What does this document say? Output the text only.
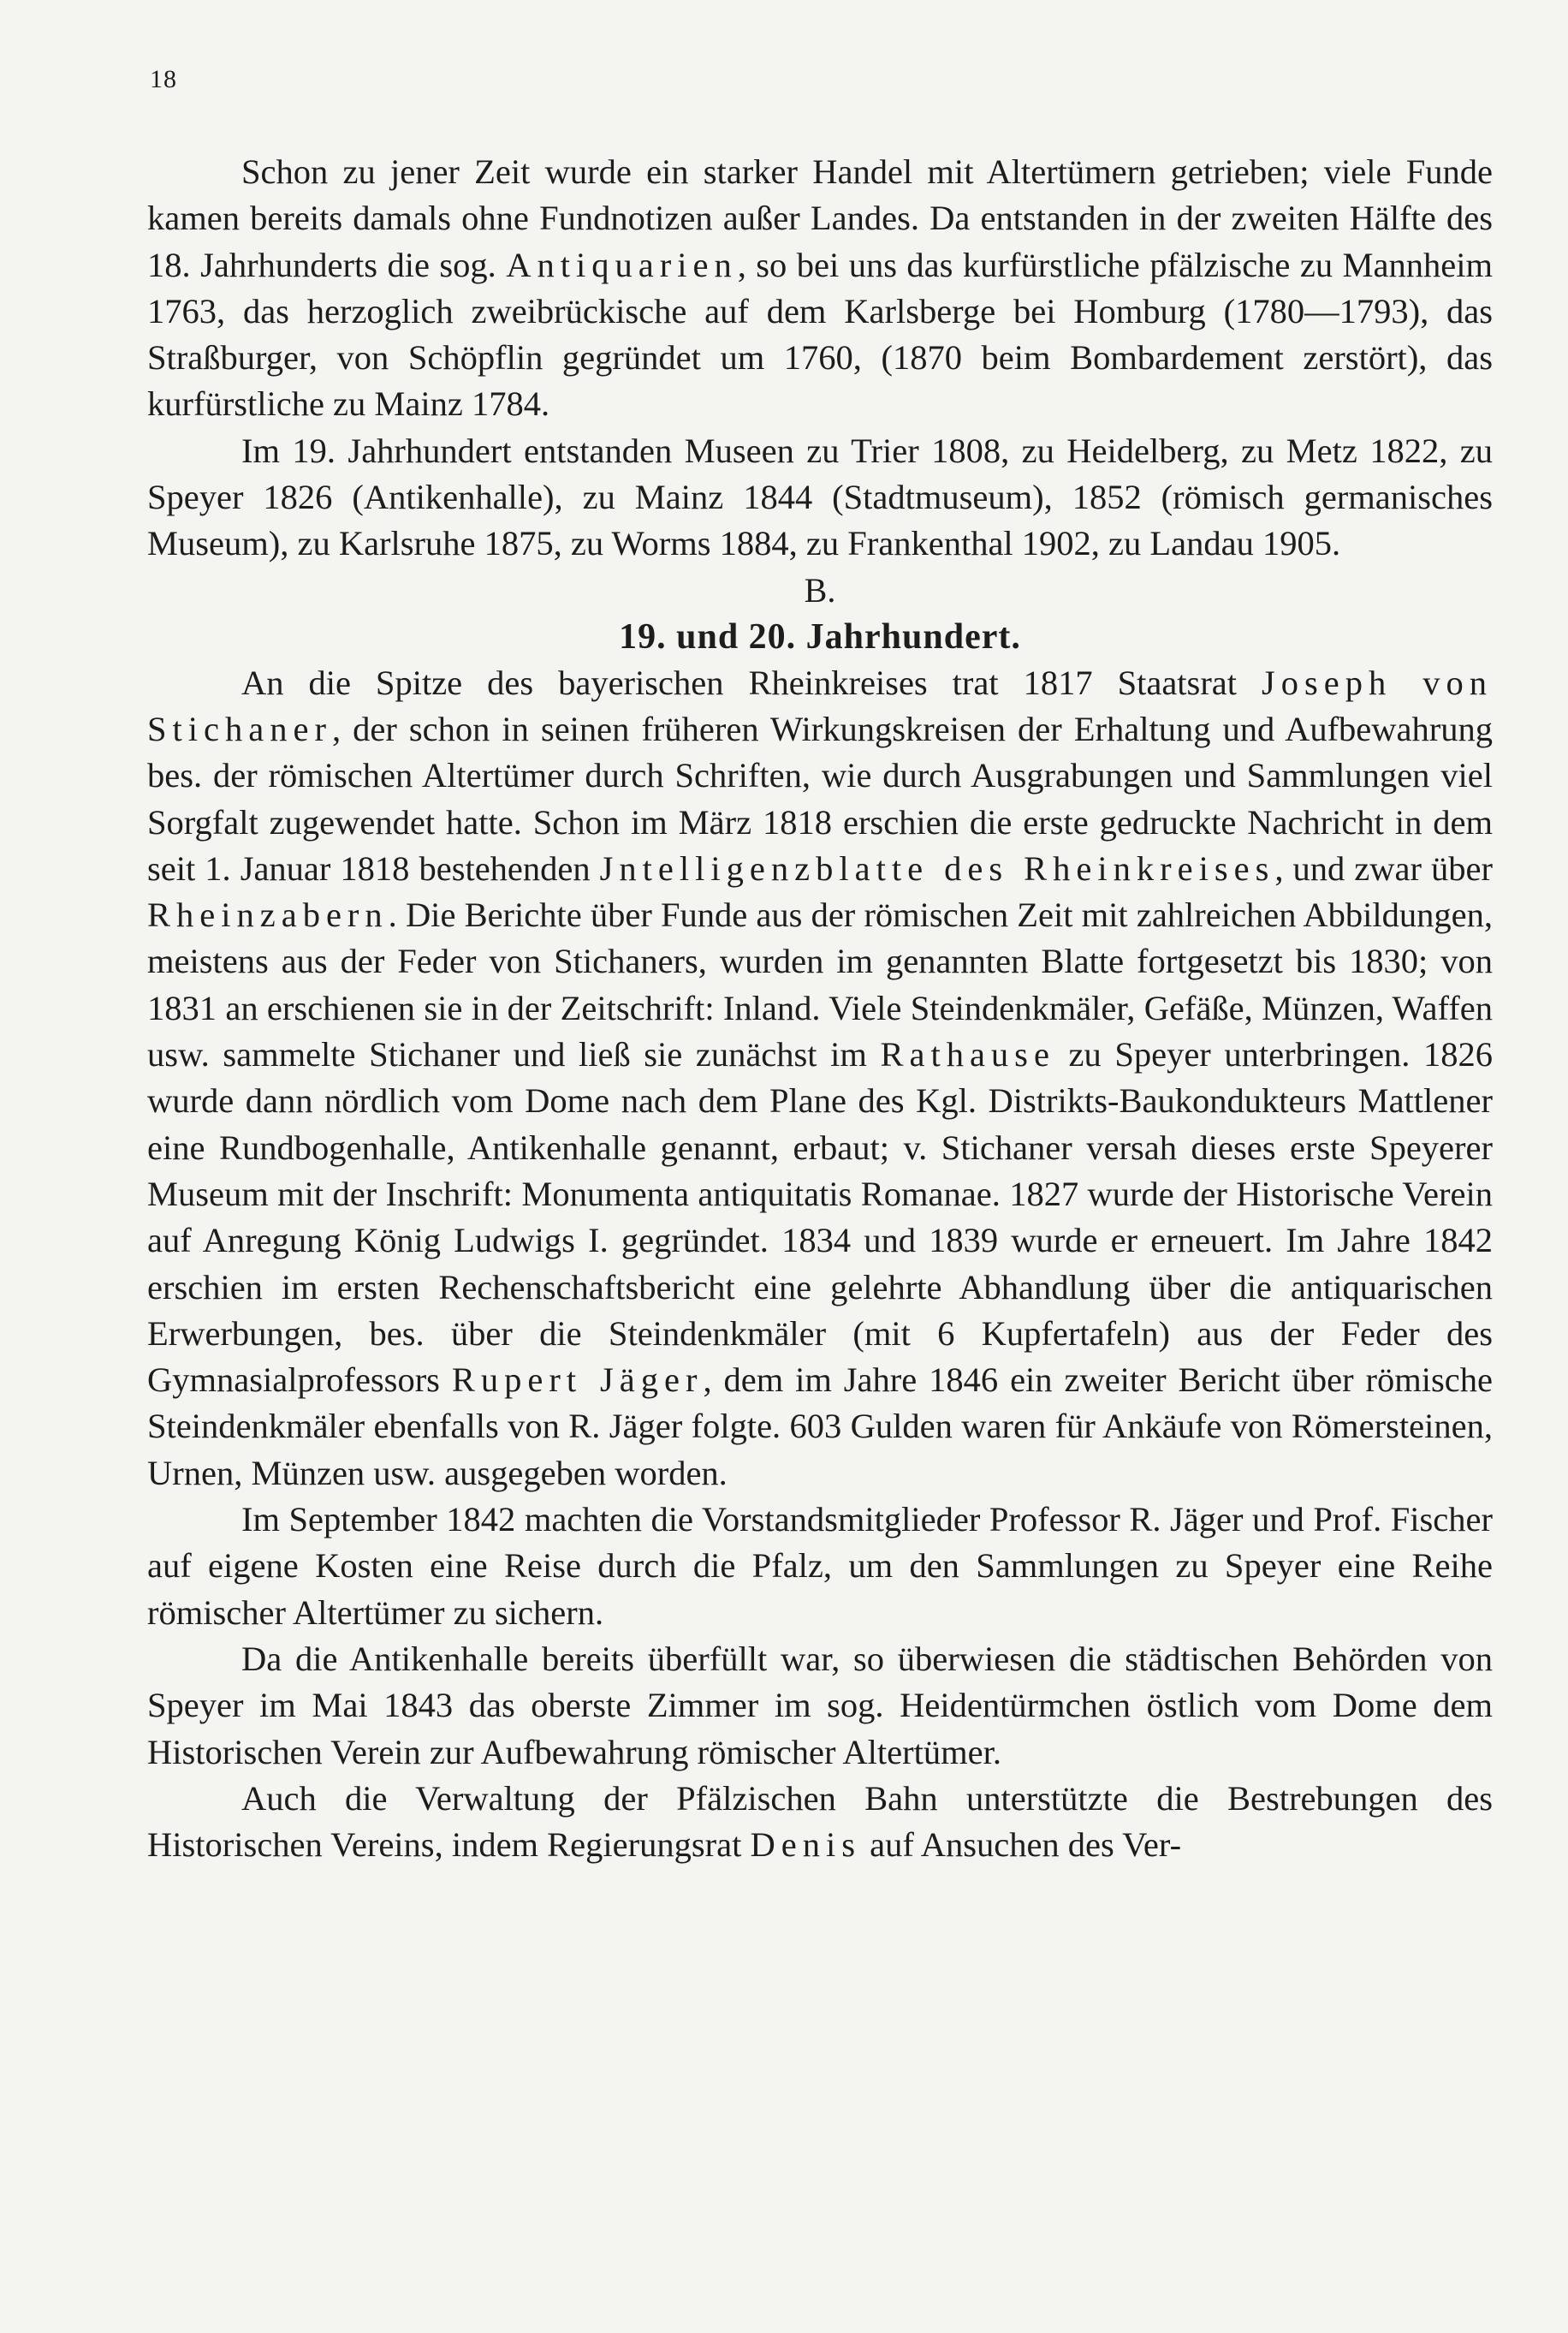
18

Schon zu jener Zeit wurde ein starker Handel mit Altertümern getrieben; viele Funde kamen bereits damals ohne Fundnotizen außer Landes. Da entstanden in der zweiten Hälfte des 18. Jahrhunderts die sog. Antiquarien, so bei uns das kurfürstliche pfälzische zu Mannheim 1763, das herzoglich zweibrückische auf dem Karlsberge bei Homburg (1780—1793), das Straßburger, von Schöpflin gegründet um 1760, (1870 beim Bombardement zerstört), das kurfürstliche zu Mainz 1784.

Im 19. Jahrhundert entstanden Museen zu Trier 1808, zu Heidelberg, zu Metz 1822, zu Speyer 1826 (Antikenhalle), zu Mainz 1844 (Stadtmuseum), 1852 (römisch germanisches Museum), zu Karlsruhe 1875, zu Worms 1884, zu Frankenthal 1902, zu Landau 1905.

B.

19. und 20. Jahrhundert.

An die Spitze des bayerischen Rheinkreises trat 1817 Staatsrat Joseph von Stichaner, der schon in seinen früheren Wirkungskreisen der Erhaltung und Aufbewahrung bes. der römischen Altertümer durch Schriften, wie durch Ausgrabungen und Sammlungen viel Sorgfalt zugewendet hatte. Schon im März 1818 erschien die erste gedruckte Nachricht in dem seit 1. Januar 1818 bestehenden Jntelligenzblatte des Rheinkreises, und zwar über Rheinzabern. Die Berichte über Funde aus der römischen Zeit mit zahlreichen Abbildungen, meistens aus der Feder von Stichaners, wurden im genannten Blatte fortgesetzt bis 1830; von 1831 an erschienen sie in der Zeitschrift: Inland. Viele Steindenkmäler, Gefäße, Münzen, Waffen usw. sammelte Stichaner und ließ sie zunächst im Rathause zu Speyer unterbringen. 1826 wurde dann nördlich vom Dome nach dem Plane des Kgl. Distrikts-Baukondukteurs Mattlener eine Rundbogenhalle, Antikenhalle genannt, erbaut; v. Stichaner versah dieses erste Speyerer Museum mit der Inschrift: Monumenta antiquitatis Romanae. 1827 wurde der Historische Verein auf Anregung König Ludwigs I. gegründet. 1834 und 1839 wurde er erneuert. Im Jahre 1842 erschien im ersten Rechenschaftsbericht eine gelehrte Abhandlung über die antiquarischen Erwerbungen, bes. über die Steindenkmäler (mit 6 Kupfertafeln) aus der Feder des Gymnasialprofessors Rupert Jäger, dem im Jahre 1846 ein zweiter Bericht über römische Steindenkmäler ebenfalls von R. Jäger folgte. 603 Gulden waren für Ankäufe von Römersteinen, Urnen, Münzen usw. ausgegeben worden.

Im September 1842 machten die Vorstandsmitglieder Professor R. Jäger und Prof. Fischer auf eigene Kosten eine Reise durch die Pfalz, um den Sammlungen zu Speyer eine Reihe römischer Altertümer zu sichern.

Da die Antikenhalle bereits überfüllt war, so überwiesen die städtischen Behörden von Speyer im Mai 1843 das oberste Zimmer im sog. Heidentürmchen östlich vom Dome dem Historischen Verein zur Aufbewahrung römischer Altertümer.

Auch die Verwaltung der Pfälzischen Bahn unterstützte die Bestrebungen des Historischen Vereins, indem Regierungsrat Denis auf Ansuchen des Ver-
